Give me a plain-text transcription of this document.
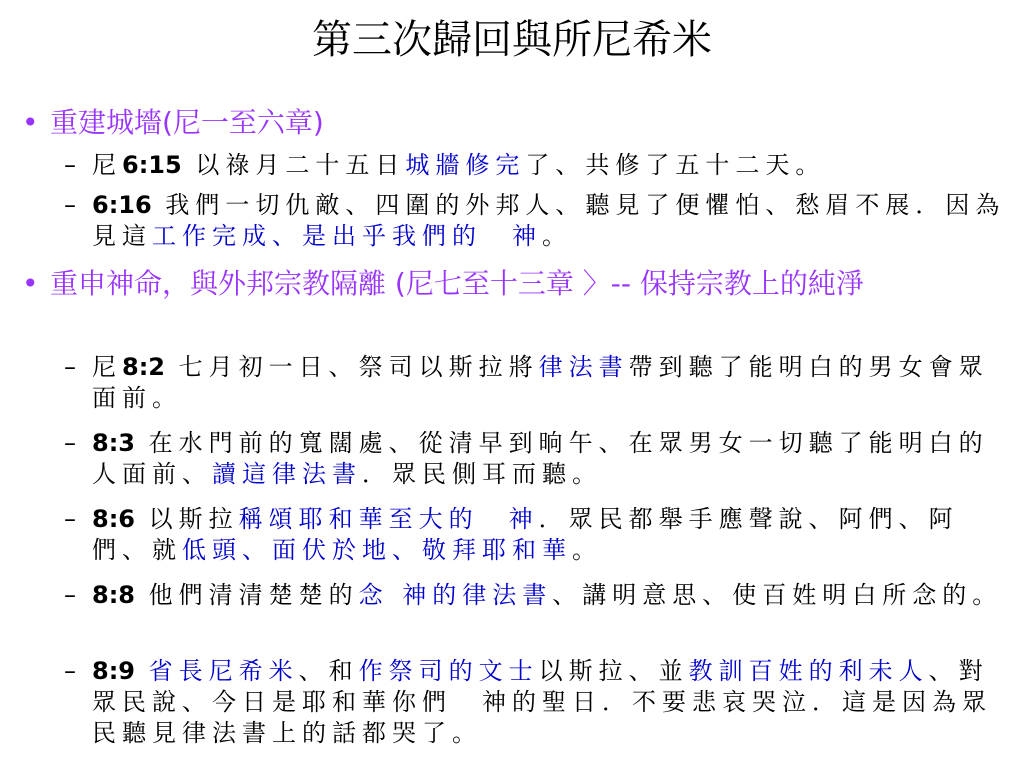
第三次歸回與所尼希米
• 重建城墻(尼一至六章)
– 尼6:15 以祿月二十五日城牆修完了、共修了五十二天。
– 6:16 我們一切仇敵、四圍的外邦人、聽見了便懼怕、愁眉不展．因為見這工作完成、是出乎我們的　神。
• 重申神命，與外邦宗教隔離 (尼七至十三章 〉-- 保持宗教上的純淨
– 尼8:2 七月初一日、祭司以斯拉將律法書帶到聽了能明白的男女會眾面前。
– 8:3 在水門前的寬闊處、從清早到晌午、在眾男女一切聽了能明白的人面前、讀這律法書．眾民側耳而聽。
– 8:6 以斯拉稱頌耶和華至大的　神．眾民都舉手應聲說、阿們、阿們、就低頭、面伏於地、敬拜耶和華。
– 8:8 他們清清楚楚的念 神的律法書、講明意思、使百姓明白所念的。
– 8:9 省長尼希米、和作祭司的文士以斯拉、並教訓百姓的利未人、對眾民說、今日是耶和華你們　神的聖日．不要悲哀哭泣．這是因為眾民聽見律法書上的話都哭了。
